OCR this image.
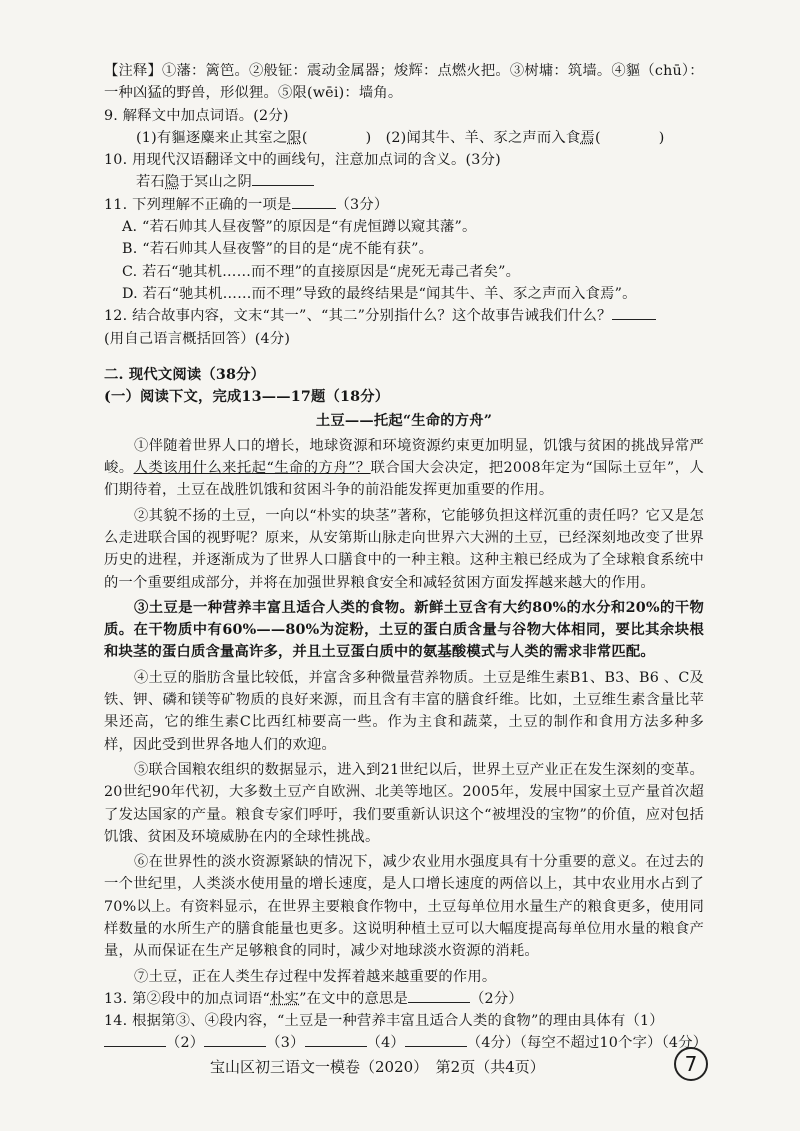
【注释】①藩：篱笆。②般钲：震动金属器；焌辉：点燃火把。③树墉：筑墙。④貙（chū）：
一种凶猛的野兽，形似狸。⑤限(wēi)：墙角。
9. 解释文中加点词语。(2分)
(1)有貙逐麋来止其室之限(　　　　) (2)闻其牛、羊、豕之声而入食焉(　　　　)
10. 用现代汉语翻译文中的画线句，注意加点词的含义。(3分)
若石隐于冥山之阴
11. 下列理解不正确的一项是	（3分）
A. “若石帅其人昼夜警”的原因是“有虎恒蹲以窥其藩”。
B. “若石帅其人昼夜警”的目的是“虎不能有获”。
C. 若石“驰其机……而不理”的直接原因是“虎死无毒己者矣”。
D. 若石“驰其机……而不理”导致的最终结果是“闻其牛、羊、豕之声而入食焉”。
12. 结合故事内容，文末“其一”、“其二”分别指什么？这个故事告诫我们什么？
(用自己语言概括回答）(4分)
二. 现代文阅读（38分）
(一）阅读下文，完成13——17题（18分）
土豆——托起“生命的方舟”
①伴随着世界人口的增长，地球资源和环境资源约束更加明显，饥饿与贫困的挑战异常严峻。人类该用什么来托起“生命的方舟”？联合国大会决定，把2008年定为“国际土豆年”，人们期待着，土豆在战胜饥饿和贫困斗争的前沿能发挥更加重要的作用。
②其貌不扬的土豆，一向以“朴实的块茎”著称，它能够负担这样沉重的责任吗？它又是怎么走进联合国的视野呢？原来，从安第斯山脉走向世界六大洲的土豆，已经深刻地改变了世界历史的进程，并逐渐成为了世界人口膳食中的一种主粮。这种主粮已经成为了全球粮食系统中的一个重要组成部分，并将在加强世界粮食安全和减轻贫困方面发挥越来越大的作用。
③土豆是一种营养丰富且适合人类的食物。新鲜土豆含有大约80%的水分和20%的干物质。在干物质中有60%——80%为淀粉，土豆的蛋白质含量与谷物大体相同，要比其余块根和块茎的蛋白质含量高许多，并且土豆蛋白质中的氨基酸模式与人类的需求非常匹配。
④土豆的脂肪含量比较低，并富含多种微量营养物质。土豆是维生素B1、B3、B6 、C及铁、钾、磷和镁等矿物质的良好来源，而且含有丰富的膳食纤维。比如，土豆维生素含量比苹果还高，它的维生素C比西红柿要高一些。作为主食和蔬菜，土豆的制作和食用方法多种多样，因此受到世界各地人们的欢迎。
⑤联合国粮农组织的数据显示，进入到21世纪以后，世界土豆产业正在发生深刻的变革。20世纪90年代初，大多数土豆产自欧洲、北美等地区。2005年，发展中国家土豆产量首次超了发达国家的产量。粮食专家们呼吁，我们要重新认识这个“被埋没的宝物”的价值，应对包括饥饿、贫困及环境威胁在内的全球性挑战。
⑥在世界性的淡水资源紧缺的情况下，减少农业用水强度具有十分重要的意义。在过去的一个世纪里，人类淡水使用量的增长速度，是人口增长速度的两倍以上，其中农业用水占到了70%以上。有资料显示，在世界主要粮食作物中，土豆每单位用水量生产的粮食更多，使用同样数量的水所生产的膳食能量也更多。这说明种植土豆可以大幅度提高每单位用水量的粮食产量，从而保证在生产足够粮食的同时，减少对地球淡水资源的消耗。
⑦土豆，正在人类生存过程中发挥着越来越重要的作用。
13. 第②段中的加点词语“朴实”在文中的意思是	（2分）
14. 根据第③、④段内容，“土豆是一种营养丰富且适合人类的食物”的理由具体有（1）
（2）	（3）	（4）	（4分）（每空不超过10个字）（4分）
宝山区初三语文一模卷（2020）　第2页（共4页）	7
